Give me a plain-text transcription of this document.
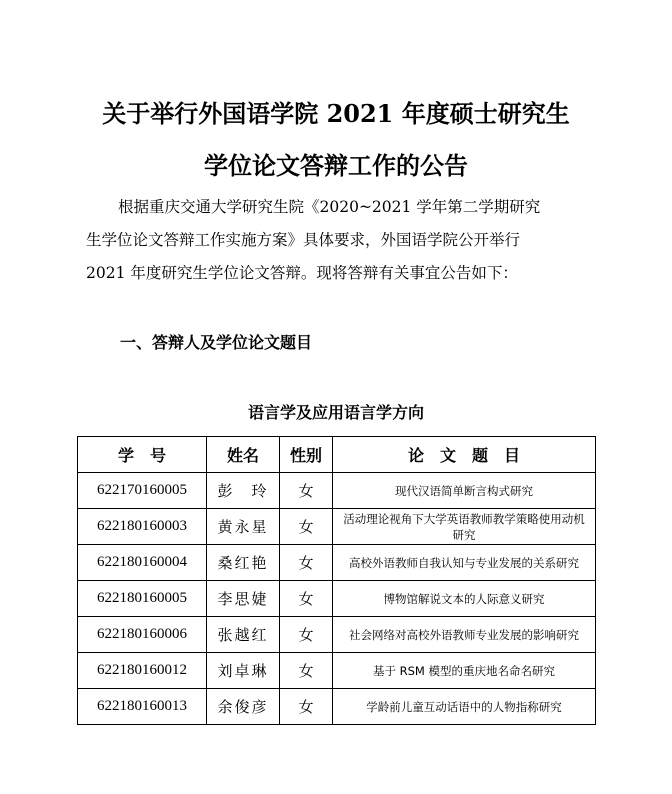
关于举行外国语学院 2021 年度硕士研究生
学位论文答辩工作的公告

根据重庆交通大学研究生院《2020~2021 学年第二学期研究
生学位论文答辩工作实施方案》具体要求，外国语学院公开举行
2021 年度研究生学位论文答辩。现将答辩有关事宜公告如下：

一、答辩人及学位论文题目
语言学及应用语言学方向
学　号	姓名	性别	论　文　题　目
622170160005	彭　玲	女	现代汉语简单断言构式研究
622180160003	黄永星	女	活动理论视角下大学英语教师教学策略使用动机研究
622180160004	桑红艳	女	高校外语教师自我认知与专业发展的关系研究
622180160005	李思婕	女	博物馆解说文本的人际意义研究
622180160006	张越红	女	社会网络对高校外语教师专业发展的影响研究
622180160012	刘卓琳	女	基于 RSM 模型的重庆地名命名研究
622180160013	余俊彦	女	学龄前儿童互动话语中的人物指称研究
